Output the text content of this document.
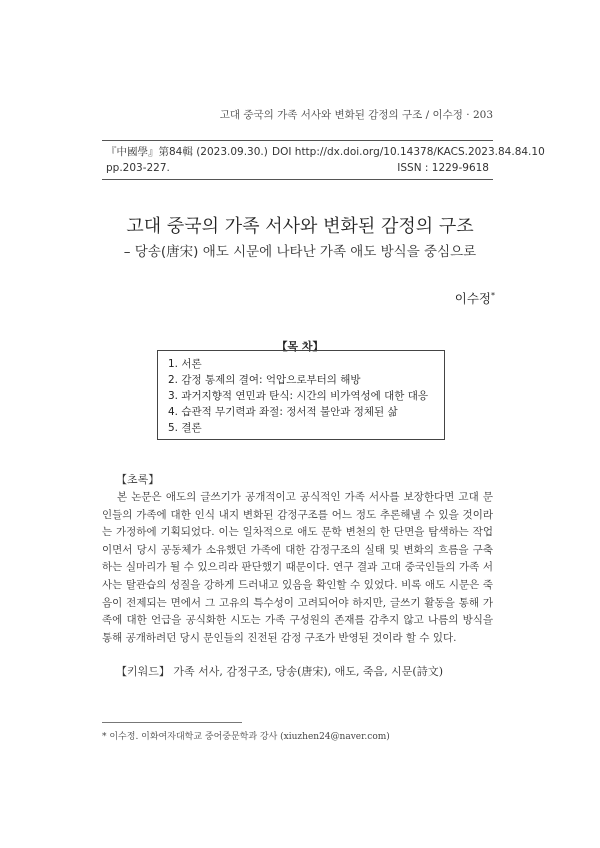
고대 중국의 가족 서사와 변화된 감정의 구조 / 이수정 · 203
『中國學』第84輯 (2023.09.30.) DOI http://dx.doi.org/10.14378/KACS.2023.84.84.10
pp.203-227.	ISSN : 1229-9618
고대 중국의 가족 서사와 변화된 감정의 구조
– 당송(唐宋) 애도 시문에 나타난 가족 애도 방식을 중심으로
이수정*
【목 차】
1. 서론
2. 감정 통제의 결여: 억압으로부터의 해방
3. 과거지향적 연민과 탄식: 시간의 비가역성에 대한 대응
4. 습관적 무기력과 좌절: 정서적 불안과 정체된 삶
5. 결론
【초록】
본 논문은 애도의 글쓰기가 공개적이고 공식적인 가족 서사를 보장한다면 고대 문인들의 가족에 대한 인식 내지 변화된 감정구조를 어느 정도 추론해낼 수 있을 것이라는 가정하에 기획되었다. 이는 일차적으로 애도 문학 변천의 한 단면을 탐색하는 작업이면서 당시 공동체가 소유했던 가족에 대한 감정구조의 실태 및 변화의 흐름을 구축하는 실마리가 될 수 있으리라 판단했기 때문이다. 연구 결과 고대 중국인들의 가족 서사는 탈관습의 성질을 강하게 드러내고 있음을 확인할 수 있었다. 비록 애도 시문은 죽음이 전제되는 면에서 그 고유의 특수성이 고려되어야 하지만, 글쓰기 활동을 통해 가족에 대한 언급을 공식화한 시도는 가족 구성원의 존재를 감추지 않고 나름의 방식을 통해 공개하려던 당시 문인들의 진전된 감정 구조가 반영된 것이라 할 수 있다.
【키워드】 가족 서사, 감정구조, 당송(唐宋), 애도, 죽음, 시문(詩文)
* 이수정. 이화여자대학교 중어중문학과 강사 (xiuzhen24@naver.com)
